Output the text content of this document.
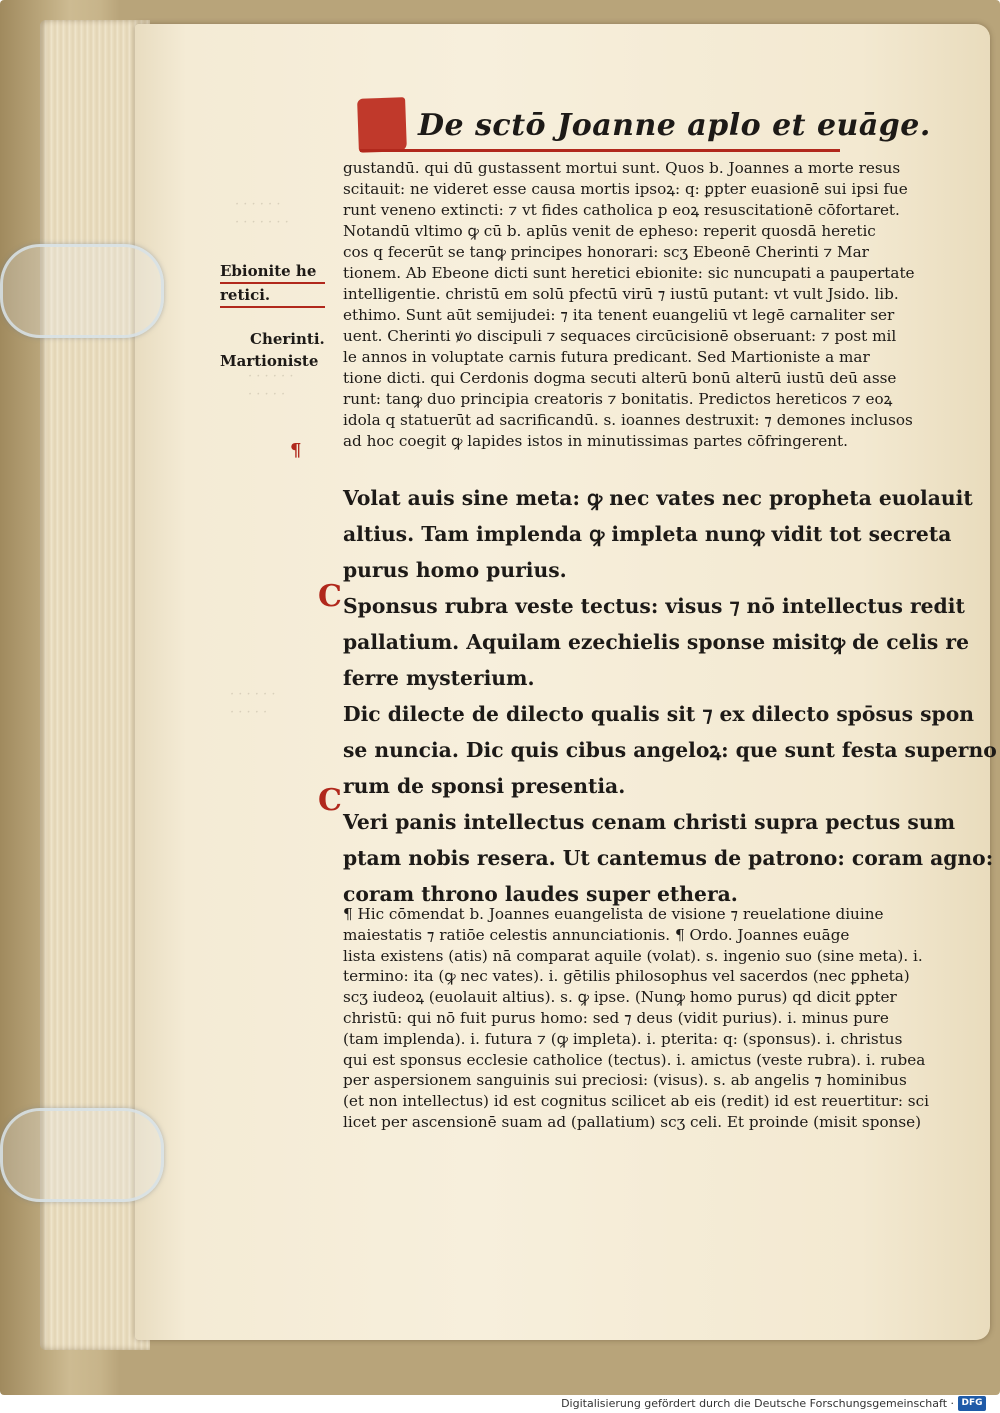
· · · · · ·

· · · · · · ·

· · · · · ·

· · · · ·

· · · · · ·

· · · · ·

De sctō Joanne aplo et euāge.

gustandū. qui dū gustassent mortui sunt. Quos b. Joannes a morte resus

scitauit: ne videret esse causa mortis ipsoꝝ: q: ꝑpter euasionē sui ipsi fue

runt veneno extincti: ⁊ vt fides catholica p eoꝝ resuscitationē cōfortaret.

Notandū vltimo ꝙ cū b. aplūs venit de epheso: reperit quosdā heretic

cos q fecerūt se tanꝙ principes honorari: scʒ Ebeonē Cherinti ⁊ Mar

tionem. Ab Ebeone dicti sunt heretici ebionite: sic nuncupati a paupertate

intelligentie. christū em solū pfectū virū ⁊ iustū putant: vt vult Jsido. lib.

ethimo. Sunt aūt semijudei: ⁊ ita tenent euangeliū vt legē carnaliter ser

uent. Cherinti ꝟo discipuli ⁊ sequaces circūcisionē obseruant: ⁊ post mil

le annos in voluptate carnis futura predicant. Sed Martioniste a mar

tione dicti. qui Cerdonis dogma secuti alterū bonū alterū iustū deū asse

runt: tanꝙ duo principia creatoris ⁊ bonitatis. Predictos hereticos ⁊ eoꝝ

idola q statuerūt ad sacrificandū. s. ioannes destruxit: ⁊ demones inclusos

ad hoc coegit ꝙ lapides istos in minutissimas partes cōfringerent.

Ebionite he

retici.

Cherinti.

Martioniste

¶

Volat auis sine meta: ꝙ nec vates nec propheta euolauit

altius. Tam implenda ꝙ impleta nunꝙ vidit tot secreta

purus homo purius.

Sponsus rubra veste tectus: visus ⁊ nō intellectus redit

pallatium. Aquilam ezechielis sponse misitꝙ de celis re

ferre mysterium.

Dic dilecte de dilecto qualis sit ⁊ ex dilecto spōsus spon

se nuncia. Dic quis cibus angeloꝝ: que sunt festa superno

rum de sponsi presentia.

Veri panis intellectus cenam christi supra pectus sum

ptam nobis resera. Ut cantemus de patrono: coram agno:

coram throno laudes super ethera.

C
C

¶ Hic cōmendat b. Joannes euangelista de visione ⁊ reuelatione diuine

maiestatis ⁊ ratiōe celestis annunciationis. ¶ Ordo. Joannes euāge

lista existens (atis) nā comparat aquile (volat). s. ingenio suo (sine meta). i.

termino: ita (ꝙ nec vates). i. gētilis philosophus vel sacerdos (nec ꝑpheta)

scʒ iudeoꝝ (euolauit altius). s. ꝙ ipse. (Nunꝙ homo purus) qd dicit ꝑpter

christū: qui nō fuit purus homo: sed ⁊ deus (vidit purius). i. minus pure

(tam implenda). i. futura ⁊ (ꝙ impleta). i. pterita: q: (sponsus). i. christus

qui est sponsus ecclesie catholice (tectus). i. amictus (veste rubra). i. rubea

per aspersionem sanguinis sui preciosi: (visus). s. ab angelis ⁊ hominibus

(et non intellectus) id est cognitus scilicet ab eis (redit) id est reuertitur: sci

licet per ascensionē suam ad (pallatium) scʒ celi. Et proinde (misit sponse)

Digitalisierung gefördert durch die Deutsche Forschungsgemeinschaft · DFG
